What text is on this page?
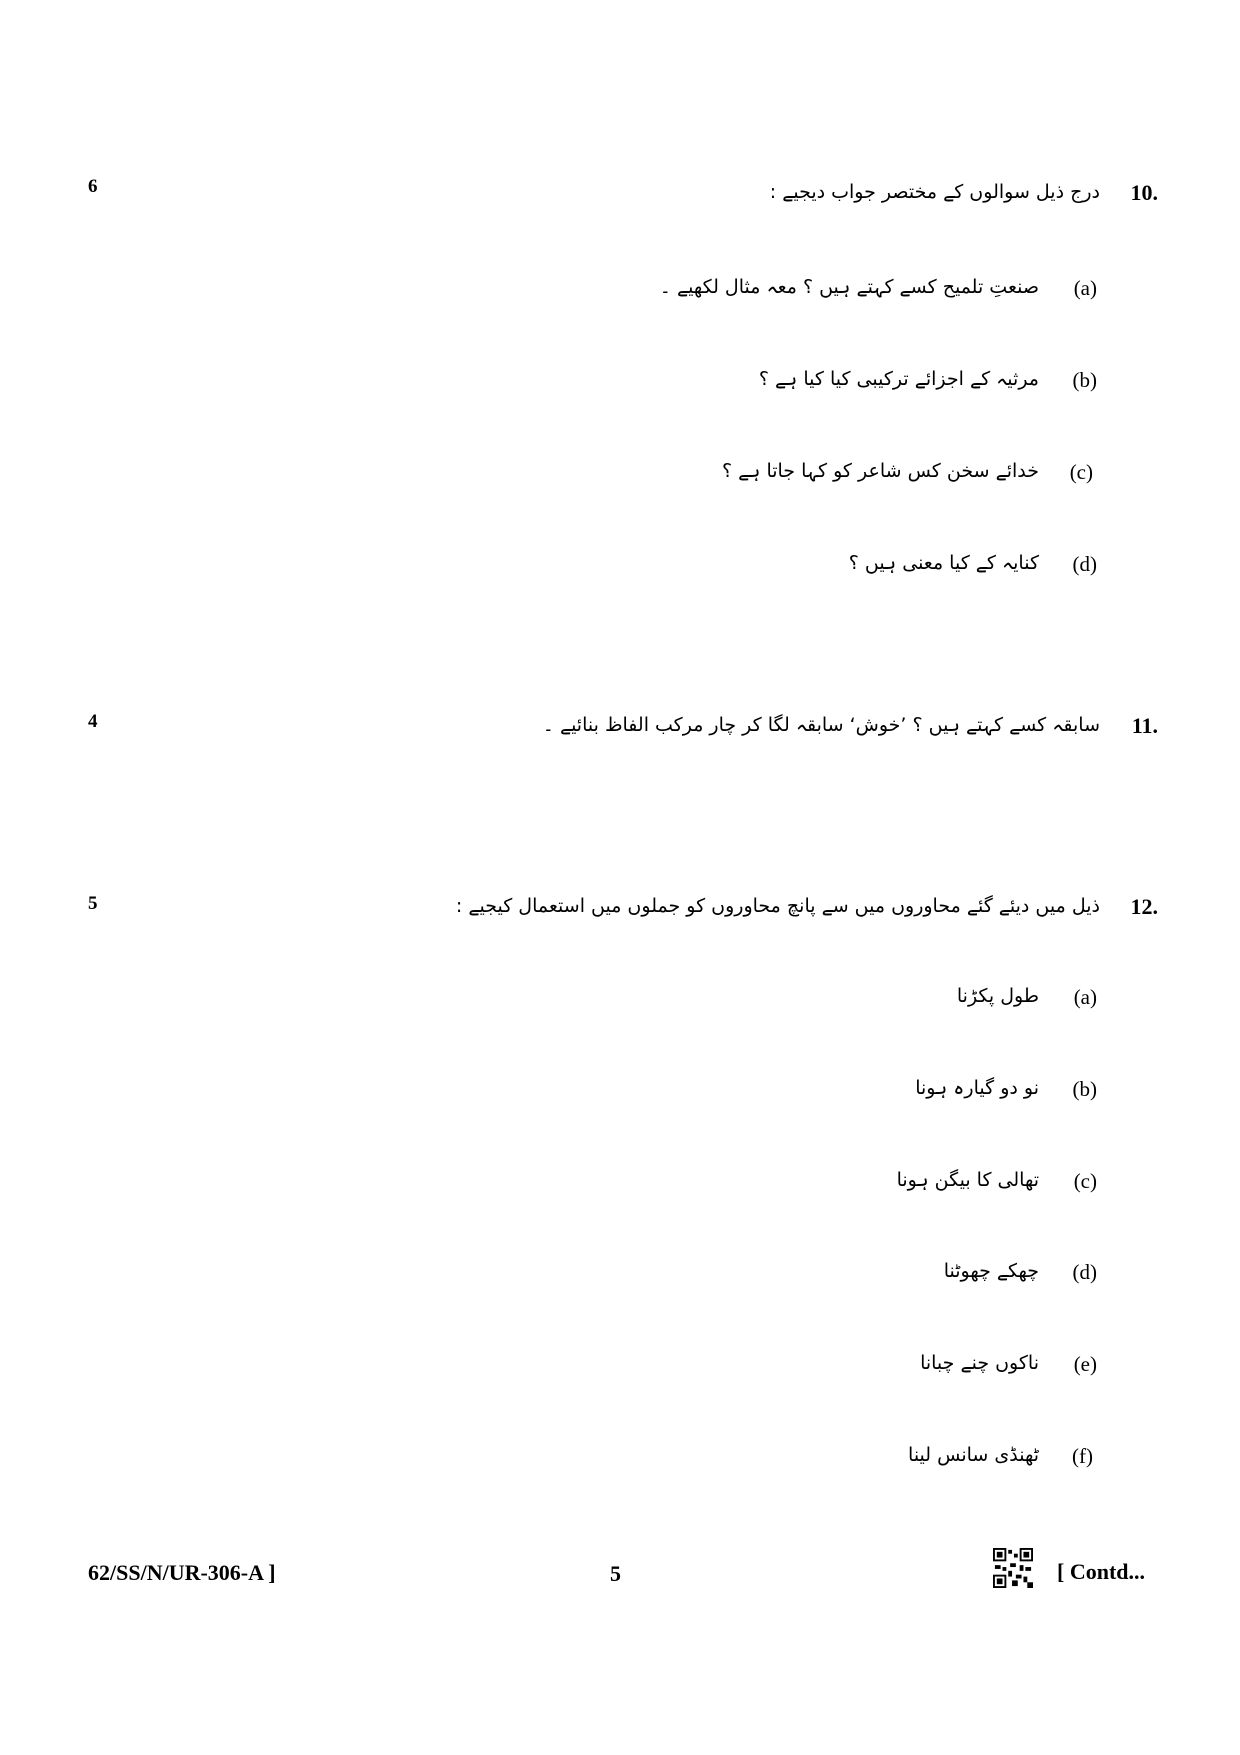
6	10.
درج ذیل سوالوں کے مختصر جواب دیجیے :
(a)
صنعتِ تلمیح کسے کہتے ہیں ؟ معہ مثال لکھیے ۔
(b)
مرثیہ کے اجزائے ترکیبی کیا کیا ہے ؟
(c)
خدائے سخن کس شاعر کو کہا جاتا ہے ؟
(d)
کنایہ کے کیا معنی ہیں ؟
4	11.
سابقہ کسے کہتے ہیں ؟ ’خوش‘ سابقہ لگا کر چار مرکب الفاظ بنائیے ۔
5	12.
ذیل میں دیئے گئے محاوروں میں سے پانچ محاوروں کو جملوں میں استعمال کیجیے :
(a)
طول پکڑنا
(b)
نو دو گیارہ ہونا
(c)
تھالی کا بیگن ہونا
(d)
چھکے چھوٹنا
(e)
ناکوں چنے چبانا
(f)
ٹھنڈی سانس لینا
62/SS/N/UR-306-A ]	5	[ Contd...
